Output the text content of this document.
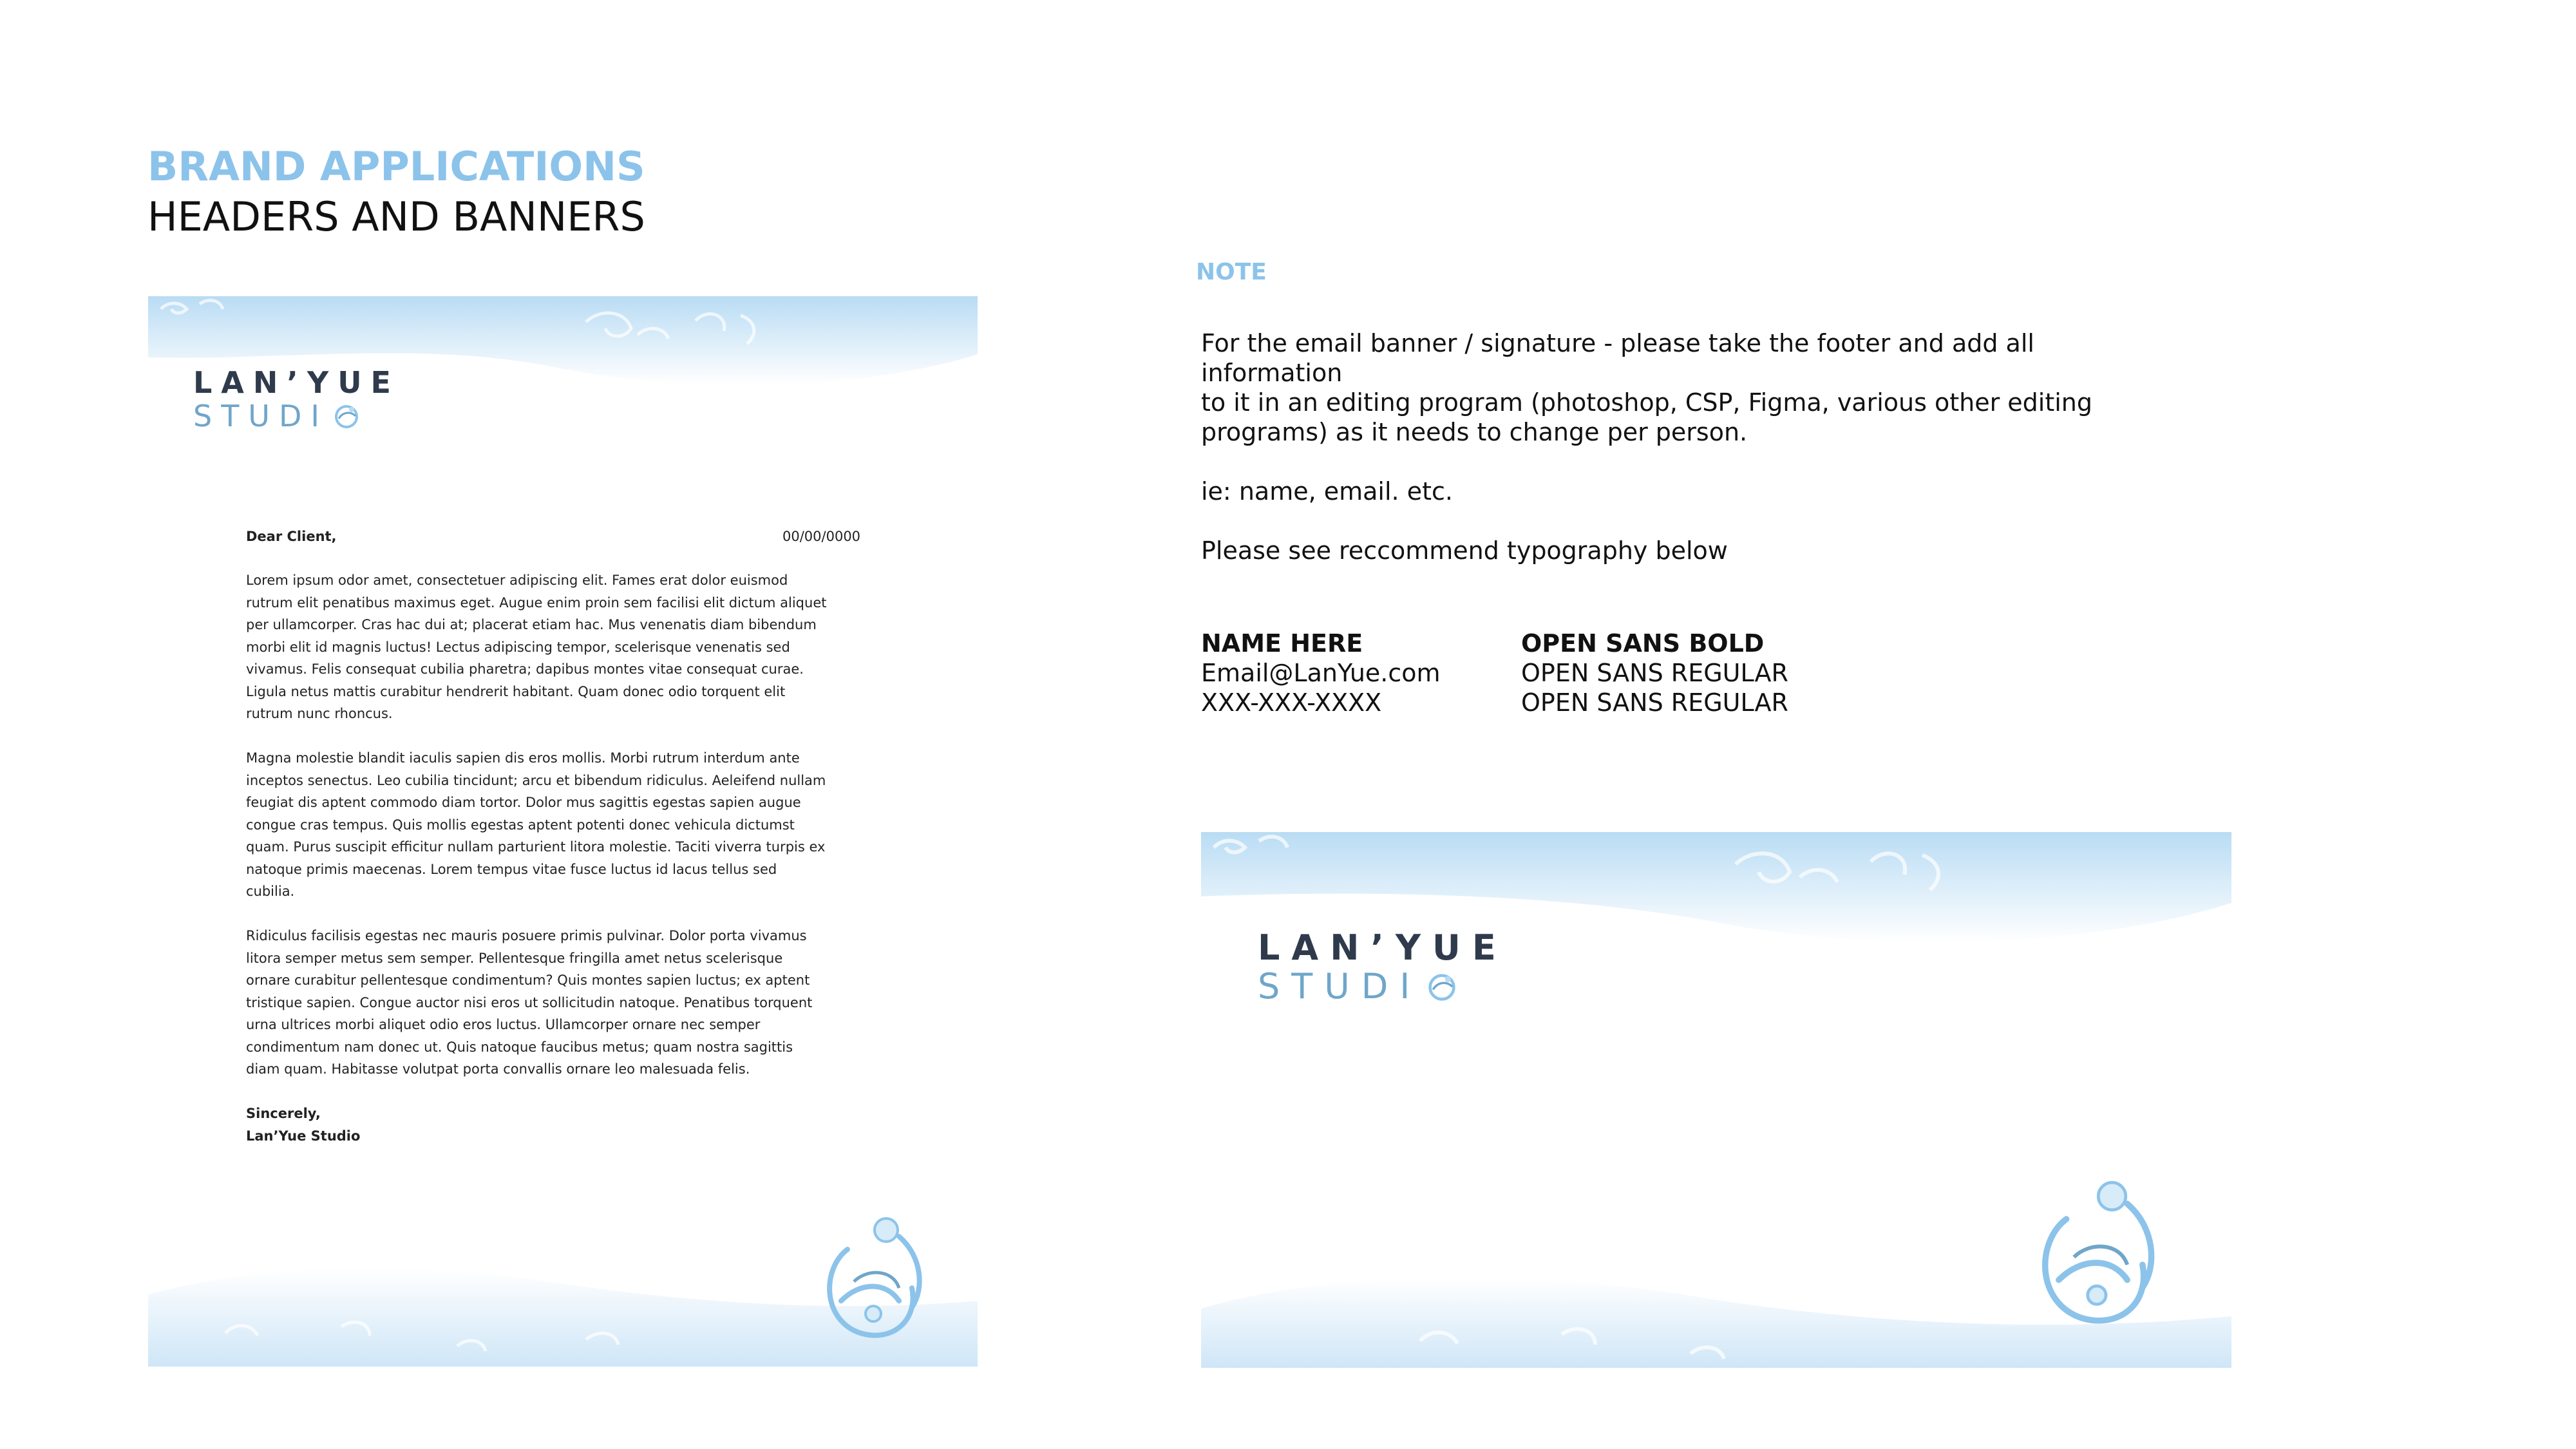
BRAND APPLICATIONS
HEADERS AND BANNERS
LANʼYUE
STUDI
Dear Client,	00/00/0000
Lorem ipsum odor amet, consectetuer adipiscing elit. Fames erat dolor euismod
rutrum elit penatibus maximus eget. Augue enim proin sem facilisi elit dictum aliquet
per ullamcorper. Cras hac dui at; placerat etiam hac. Mus venenatis diam bibendum
morbi elit id magnis luctus! Lectus adipiscing tempor, scelerisque venenatis sed
vivamus. Felis consequat cubilia pharetra; dapibus montes vitae consequat curae.
Ligula netus mattis curabitur hendrerit habitant. Quam donec odio torquent elit
rutrum nunc rhoncus.
Magna molestie blandit iaculis sapien dis eros mollis. Morbi rutrum interdum ante
inceptos senectus. Leo cubilia tincidunt; arcu et bibendum ridiculus. Aeleifend nullam
feugiat dis aptent commodo diam tortor. Dolor mus sagittis egestas sapien augue
congue cras tempus. Quis mollis egestas aptent potenti donec vehicula dictumst
quam. Purus suscipit efficitur nullam parturient litora molestie. Taciti viverra turpis ex
natoque primis maecenas. Lorem tempus vitae fusce luctus id lacus tellus sed
cubilia.
Ridiculus facilisis egestas nec mauris posuere primis pulvinar. Dolor porta vivamus
litora semper metus sem semper. Pellentesque fringilla amet netus scelerisque
ornare curabitur pellentesque condimentum? Quis montes sapien luctus; ex aptent
tristique sapien. Congue auctor nisi eros ut sollicitudin natoque. Penatibus torquent
urna ultrices morbi aliquet odio eros luctus. Ullamcorper ornare nec semper
condimentum nam donec ut. Quis natoque faucibus metus; quam nostra sagittis
diam quam. Habitasse volutpat porta convallis ornare leo malesuada felis.
Sincerely,
Lan’Yue Studio
NOTE

For the email banner / signature - please take the footer and add all information
to it in an editing program (photoshop, CSP, Figma, various other editing
programs) as it needs to change per person.

ie: name, email. etc.

Please see reccommend typography below

NAME HERE
Email@LanYue.com
XXX-XXX-XXXX
OPEN SANS BOLD
OPEN SANS REGULAR
OPEN SANS REGULAR
LANʼYUE
STUDI
